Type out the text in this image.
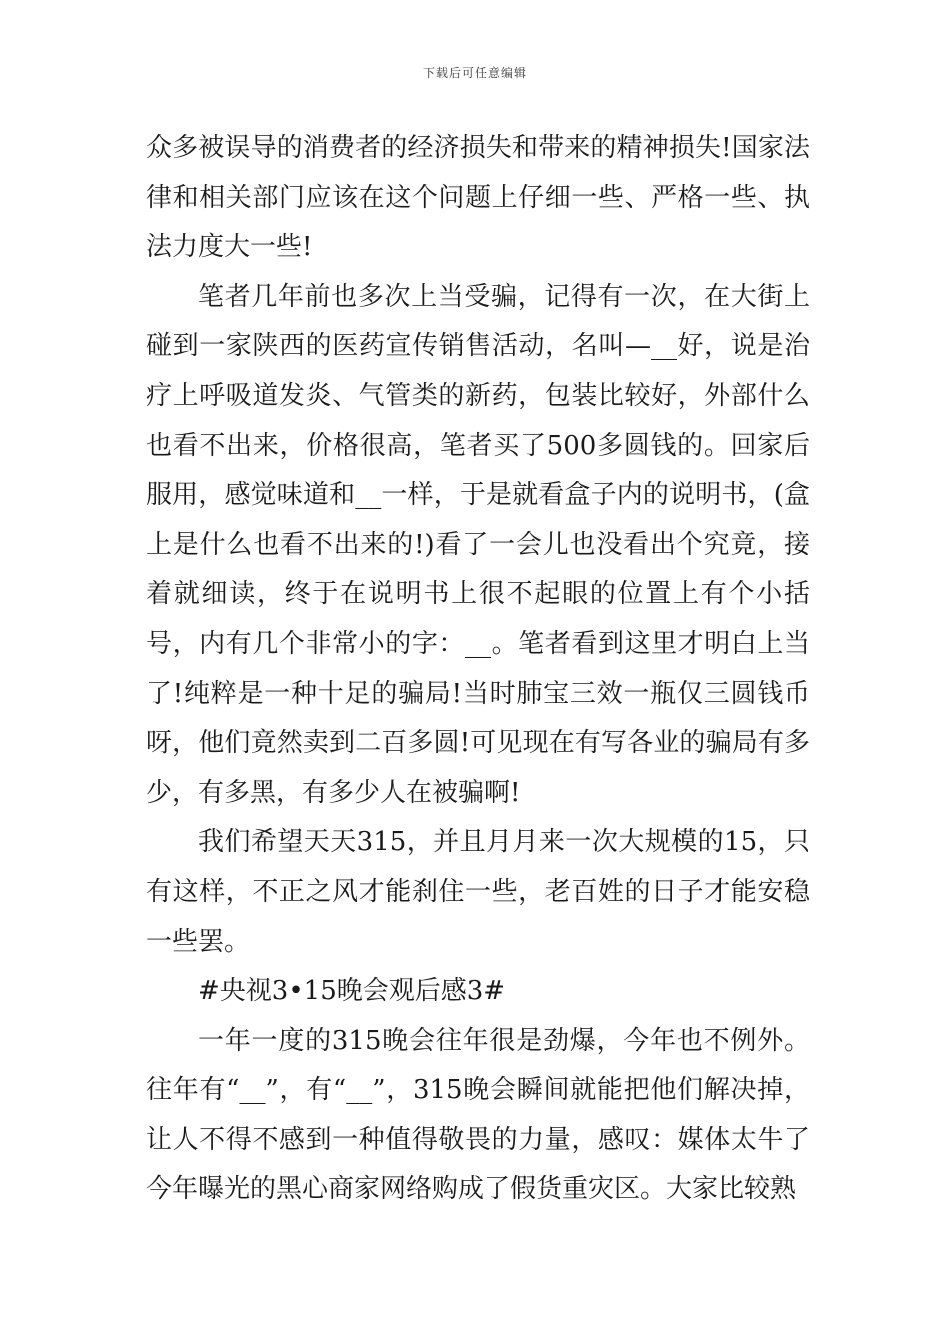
下载后可任意编辑

众多被误导的消费者的经济损失和带来的精神损失!国家法律和相关部门应该在这个问题上仔细一些、严格一些、执法力度大一些!

笔者几年前也多次上当受骗，记得有一次，在大街上碰到一家陕西的医药宣传销售活动，名叫—__好，说是治疗上呼吸道发炎、气管类的新药，包装比较好，外部什么也看不出来，价格很高，笔者买了500多圆钱的。回家后服用，感觉味道和__一样，于是就看盒子内的说明书，(盒上是什么也看不出来的!)看了一会儿也没看出个究竟，接着就细读，终于在说明书上很不起眼的位置上有个小括号，内有几个非常小的字：__。笔者看到这里才明白上当了!纯粹是一种十足的骗局!当时肺宝三效一瓶仅三圆钱币呀，他们竟然卖到二百多圆!可见现在有写各业的骗局有多少，有多黑，有多少人在被骗啊!

我们希望天天315，并且月月来一次大规模的15，只有这样，不正之风才能刹住一些，老百姓的日子才能安稳一些罢。

#央视3•15晚会观后感3#

一年一度的315晚会往年很是劲爆，今年也不例外。往年有“__”，有“__”，315晚会瞬间就能把他们解决掉，让人不得不感到一种值得敬畏的力量，感叹：媒体太牛了今年曝光的黑心商家网络购成了假货重灾区。大家比较熟
